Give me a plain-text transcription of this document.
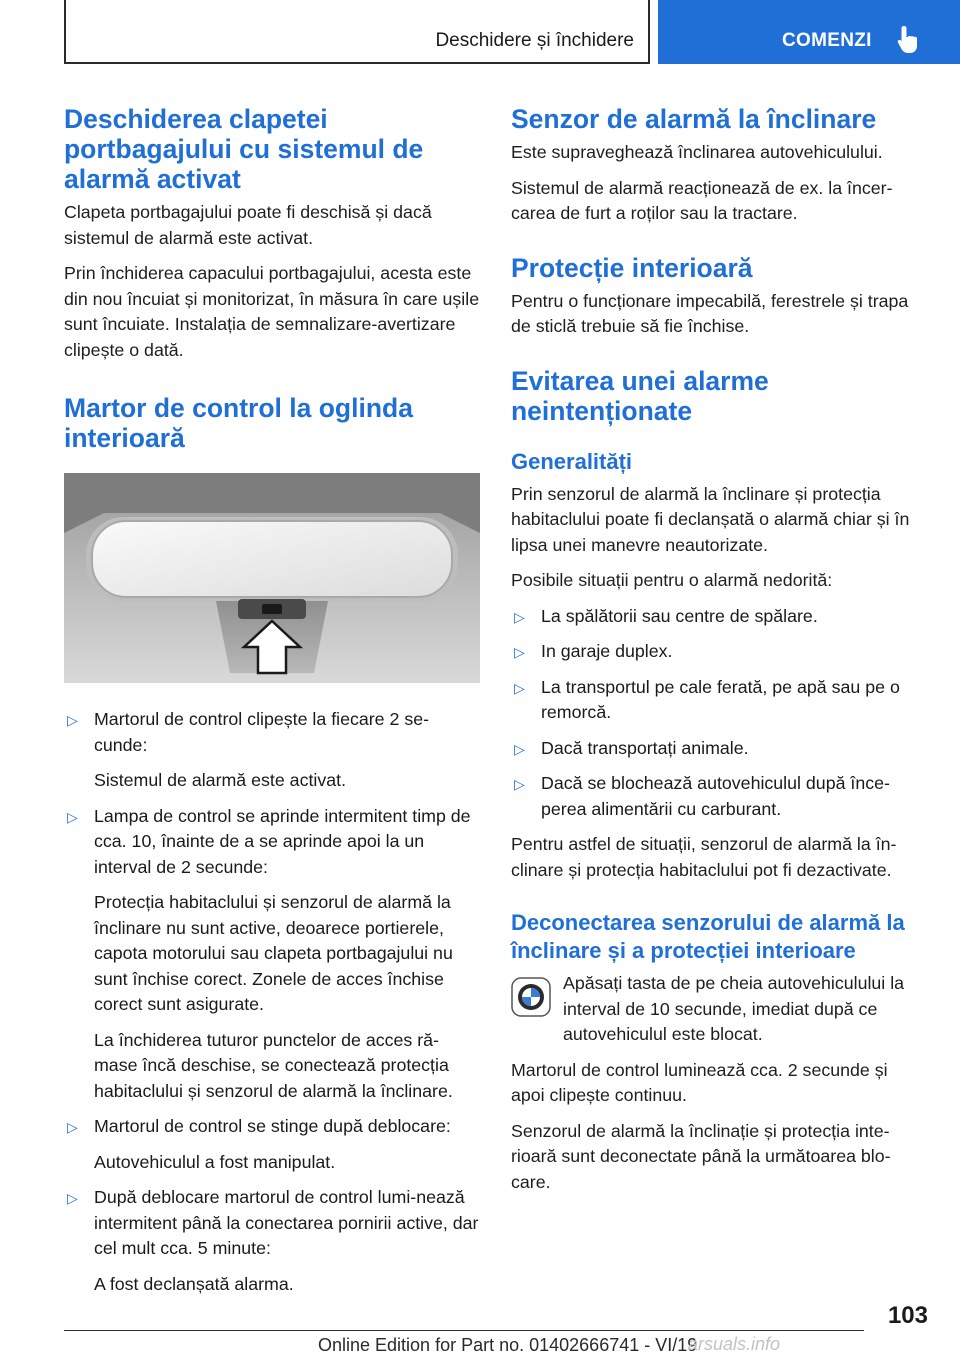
Deschidere și închidere	COMENZI
Deschiderea clapetei portbagajului cu sistemul de alarmă activat

Clapeta portbagajului poate fi deschisă și dacă sistemul de alarmă este activat.

Prin închiderea capacului portbagajului, acesta este din nou încuiat și monitorizat, în măsura în care ușile sunt încuiate. Instalația de semnalizare-avertizare clipește o dată.

Martor de control la oglinda interioară
▷ Martorul de control clipește la fiecare 2 se‐cunde:
Sistemul de alarmă este activat.
▷ Lampa de control se aprinde intermitent timp de cca. 10, înainte de a se aprinde apoi la un interval de 2 secunde:
Protecția habitaclului și senzorul de alarmă la înclinare nu sunt active, deoarece portierele, capota motorului sau clapeta portbagajului nu sunt închise corect. Zonele de acces închise corect sunt asigurate.
La închiderea tuturor punctelor de acces ră‐mase încă deschise, se conectează protecția habitaclului și senzorul de alarmă la înclinare.
▷ Martorul de control se stinge după deblocare:
Autovehiculul a fost manipulat.
▷ După deblocare martorul de control lumi‐nează intermitent până la conectarea pornirii active, dar cel mult cca. 5 minute:
A fost declanșată alarma.
Senzor de alarmă la înclinare

Este supraveghează înclinarea autovehiculului.

Sistemul de alarmă reacționează de ex. la încer‐carea de furt a roților sau la tractare.

Protecție interioară

Pentru o funcționare impecabilă, ferestrele și trapa de sticlă trebuie să fie închise.

Evitarea unei alarme neintenționate
Generalități

Prin senzorul de alarmă la înclinare și protecția habitaclului poate fi declanșată o alarmă chiar și în lipsa unei manevre neautorizate.

Posibile situații pentru o alarmă nedorită:

▷ La spălătorii sau centre de spălare.
▷ In garaje duplex.
▷ La transportul pe cale ferată, pe apă sau pe o remorcă.
▷ Dacă transportați animale.
▷ Dacă se blochează autovehiculul după înce‐perea alimentării cu carburant.

Pentru astfel de situații, senzorul de alarmă la în‐clinare și protecția habitaclului pot fi dezactivate.

Deconectarea senzorului de alarmă la înclinare și a protecției interioare

Apăsați tasta de pe cheia autovehiculului la interval de 10 secunde, imediat după ce autovehiculul este blocat.

Martorul de control luminează cca. 2 secunde și apoi clipește continuu.

Senzorul de alarmă la înclinație și protecția inte‐rioară sunt deconectate până la următoarea blo‐care.

103
Online Edition for Part no. 01402666741 - VI/19
arsuals.info
